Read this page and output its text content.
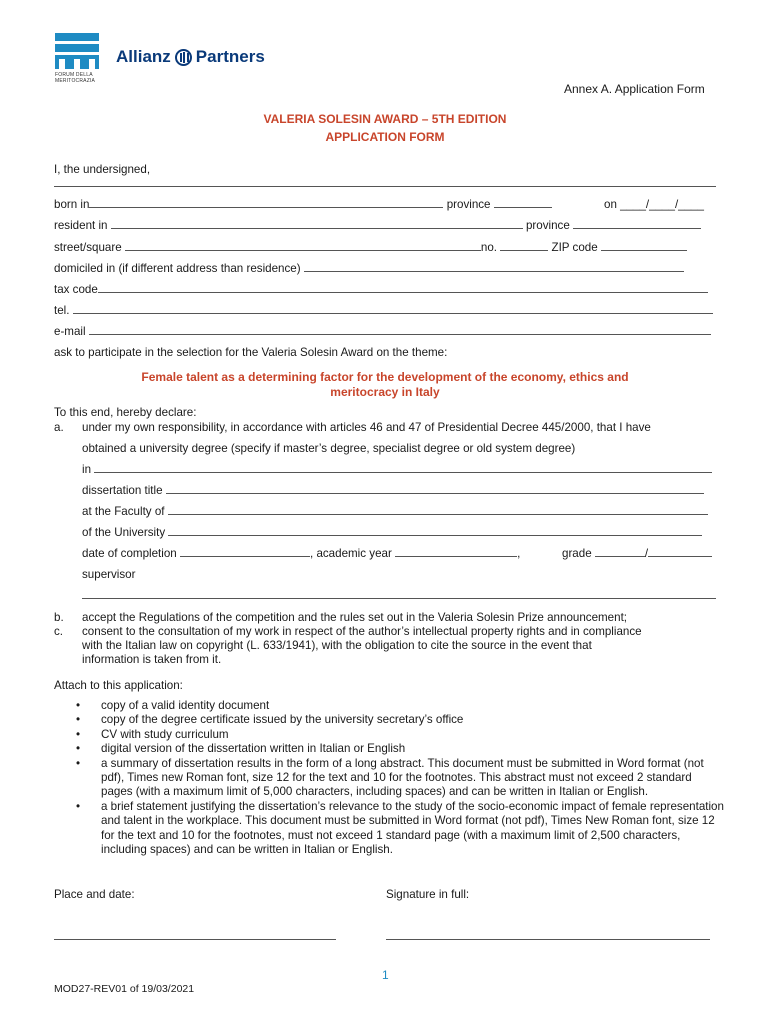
FORUM DELLA MERITOCRAZIA
Allianz Partners
Annex A. Application Form
VALERIA SOLESIN AWARD – 5TH EDITION
APPLICATION FORM
I, the undersigned,
born in	province	on ____/____/____
resident in	province
street/square	no.	ZIP code
domiciled in (if different address than residence)
tax code
tel.
e-mail
ask to participate in the selection for the Valeria Solesin Award on the theme:
Female talent as a determining factor for the development of the economy, ethics and
meritocracy in Italy
To this end, hereby declare:
a. under my own responsibility, in accordance with articles 46 and 47 of Presidential Decree 445/2000, that I have
obtained a university degree (specify if master’s degree, specialist degree or old system degree)
in
dissertation title
at the Faculty of
of the University
date of completion	, academic year	,	grade	/
supervisor
b. accept the Regulations of the competition and the rules set out in the Valeria Solesin Prize announcement;
c. consent to the consultation of my work in respect of the author’s intellectual property rights and in compliance
with the Italian law on copyright (L. 633/1941), with the obligation to cite the source in the event that
information is taken from it.
Attach to this application:
• copy of a valid identity document
• copy of the degree certificate issued by the university secretary’s office
• CV with study curriculum
• digital version of the dissertation written in Italian or English
• a summary of dissertation results in the form of a long abstract. This document must be submitted in Word format (not pdf), Times new Roman font, size 12 for the text and 10 for the footnotes. This abstract must not exceed 2 standard pages (with a maximum limit of 5,000 characters, including spaces) and can be written in Italian or English.
• a brief statement justifying the dissertation’s relevance to the study of the socio-economic impact of female representation and talent in the workplace. This document must be submitted in Word format (not pdf), Times New Roman font, size 12 for the text and 10 for the footnotes, must not exceed 1 standard page (with a maximum limit of 2,500 characters, including spaces) and can be written in Italian or English.
Place and date:	Signature in full:
1
MOD27-REV01 of 19/03/2021
